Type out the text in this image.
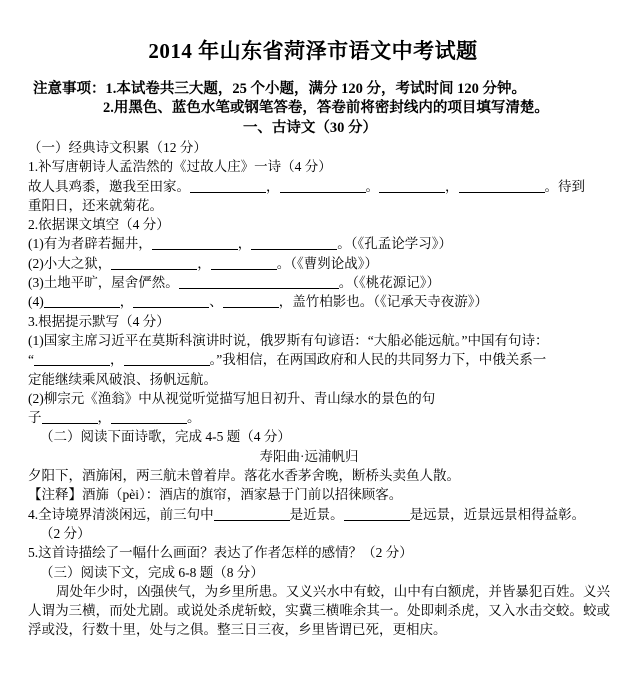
2014 年山东省菏泽市语文中考试题
注意事项：1.本试卷共三大题，25 个小题，满分 120 分，考试时间 120 分钟。
2.用黑色、蓝色水笔或钢笔答卷，答卷前将密封线内的项目填写清楚。
一、古诗文（30 分）
（一）经典诗文积累（12 分）
1.补写唐朝诗人孟浩然的《过故人庄》一诗（4 分）
故人具鸡黍，邀我至田家。	，	。	，	。待到
重阳日，还来就菊花。
2.依据课文填空（4 分）
(1)有为者辟若掘井，	，	。（《孔孟论学习》）
(2)小大之狱，	，	。（《曹刿论战》）
(3)土地平旷，屋舍俨然。	。（《桃花源记》）
(4)	，	、	，盖竹柏影也。（《记承天寺夜游》）
3.根据提示默写（4 分）
(1)国家主席习近平在莫斯科演讲时说，俄罗斯有句谚语：“大船必能远航。”中国有句诗：
“	，	。”我相信，在两国政府和人民的共同努力下，中俄关系一
定能继续乘风破浪、扬帆远航。
(2)柳宗元《渔翁》中从视觉听觉描写旭日初升、青山绿水的景色的句
子	，	。
（二）阅读下面诗歌，完成 4-5 题（4 分）
寿阳曲·远浦帆归
夕阳下，酒旆闲，两三航未曾着岸。落花水香茅舍晚，断桥头卖鱼人散。
【注释】酒旆（pèi）：酒店的旗帘，酒家悬于门前以招徕顾客。
4.全诗境界清淡闲远，前三句中	是近景。	是远景，近景远景相得益彰。
（2 分）
5.这首诗描绘了一幅什么画面？表达了作者怎样的感情？（2 分）
（三）阅读下文，完成 6-8 题（8 分）
周处年少时，凶强侠气，为乡里所患。又义兴水中有蛟，山中有白额虎，并皆暴犯百姓。义兴人谓为三横，而处尤剧。或说处杀虎斩蛟，实冀三横唯余其一。处即刺杀虎，又入水击交蛟。蛟或浮或没，行数十里，处与之俱。整三日三夜，乡里皆谓已死，更相庆。
